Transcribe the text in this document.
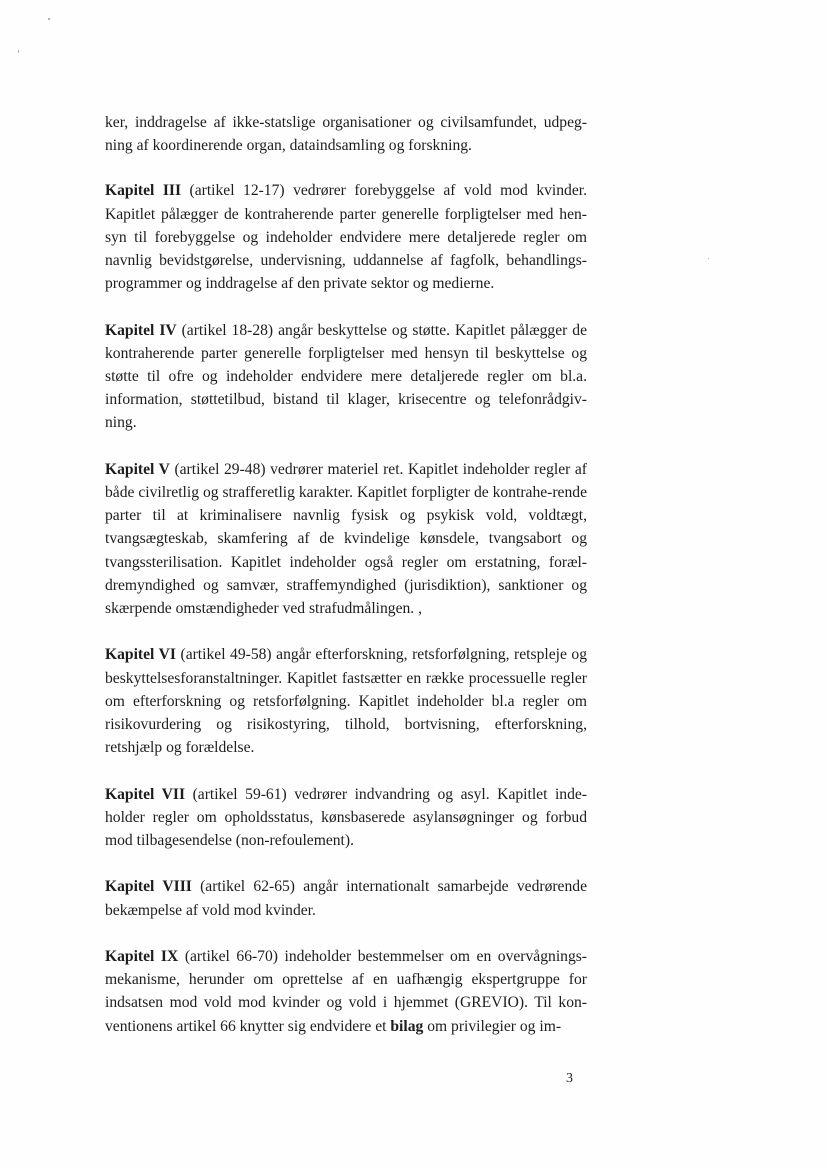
ker, inddragelse af ikke-statslige organisationer og civilsamfundet, udpeg-ning af koordinerende organ, dataindsamling og forskning.

Kapitel III (artikel 12-17) vedrører forebyggelse af vold mod kvinder. Kapitlet pålægger de kontraherende parter generelle forpligtelser med hen-syn til forebyggelse og indeholder endvidere mere detaljerede regler om navnlig bevidstgørelse, undervisning, uddannelse af fagfolk, behandlings-programmer og inddragelse af den private sektor og medierne.

Kapitel IV (artikel 18-28) angår beskyttelse og støtte. Kapitlet pålægger de kontraherende parter generelle forpligtelser med hensyn til beskyttelse og støtte til ofre og indeholder endvidere mere detaljerede regler om bl.a. information, støttetilbud, bistand til klager, krisecentre og telefonrådgiv-ning.

Kapitel V (artikel 29-48) vedrører materiel ret. Kapitlet indeholder regler af både civilretlig og strafferetlig karakter. Kapitlet forpligter de kontrahe-rende parter til at kriminalisere navnlig fysisk og psykisk vold, voldtægt, tvangsægteskab, skamfering af de kvindelige kønsdele, tvangsabort og tvangssterilisation. Kapitlet indeholder også regler om erstatning, foræl-dremyndighed og samvær, straffemyndighed (jurisdiktion), sanktioner og skærpende omstændigheder ved strafudmålingen. ,

Kapitel VI (artikel 49-58) angår efterforskning, retsforfølgning, retspleje og beskyttelsesforanstaltninger. Kapitlet fastsætter en række processuelle regler om efterforskning og retsforfølgning. Kapitlet indeholder bl.a regler om risikovurdering og risikostyring, tilhold, bortvisning, efterforskning, retshjælp og forældelse.

Kapitel VII (artikel 59-61) vedrører indvandring og asyl. Kapitlet inde-holder regler om opholdsstatus, kønsbaserede asylansøgninger og forbud mod tilbagesendelse (non-refoulement).

Kapitel VIII (artikel 62-65) angår internationalt samarbejde vedrørende bekæmpelse af vold mod kvinder.

Kapitel IX (artikel 66-70) indeholder bestemmelser om en overvågnings-mekanisme, herunder om oprettelse af en uafhængig ekspertgruppe for indsatsen mod vold mod kvinder og vold i hjemmet (GREVIO). Til kon-ventionens artikel 66 knytter sig endvidere et bilag om privilegier og im-

3
